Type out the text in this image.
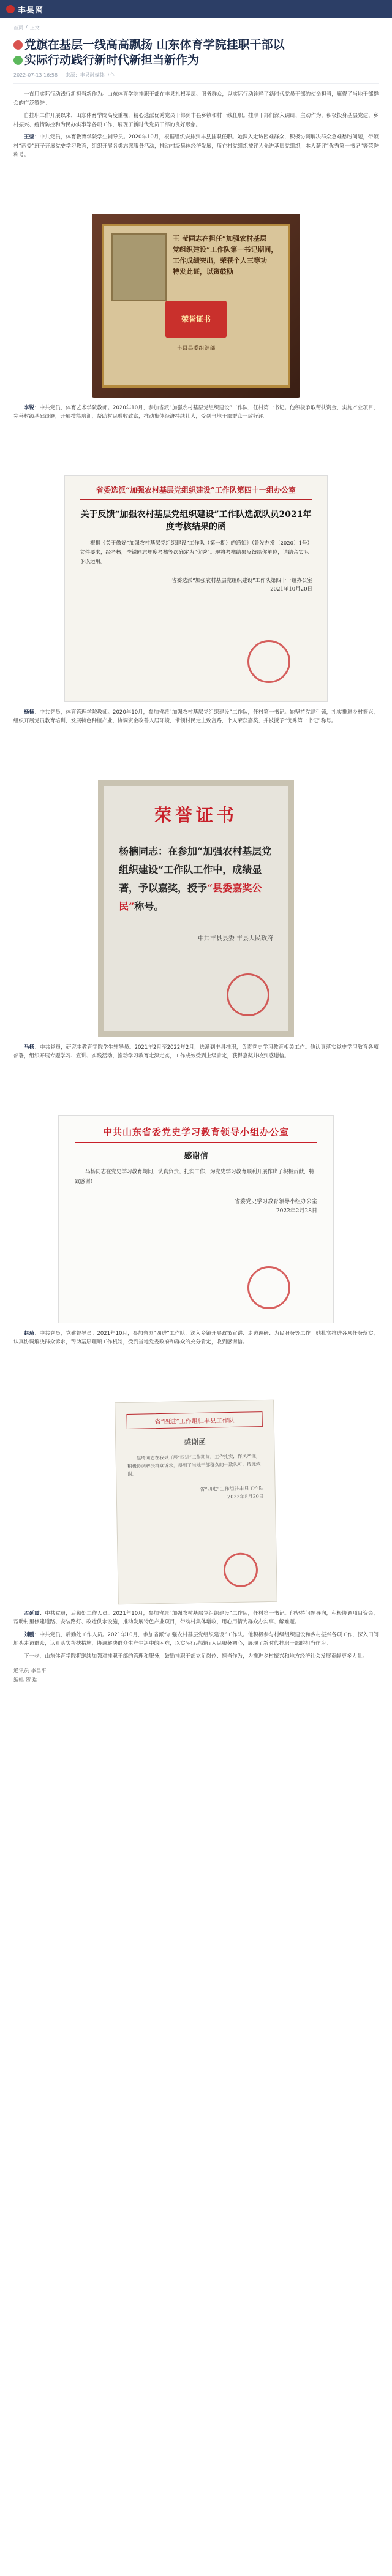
丰县网
首页 / 正文
党旗在基层一线高高飘扬 山东体育学院挂职干部以
实际行动践行新时代新担当新作为
2022-07-13 16:58 来源：丰县融媒体中心

一直用实际行动践行新担当新作为。山东体育学院挂职干部在丰县扎根基层、服务群众，以实际行动诠释了新时代党员干部的使命担当，赢得了当地干部群众的广泛赞誉。

自挂职工作开展以来，山东体育学院高度重视，精心选派优秀党员干部到丰县乡镇和村一线任职。挂职干部们深入调研、主动作为，积极投身基层党建、乡村振兴、疫情防控和为民办实事等各项工作，展现了新时代党员干部的良好形象。

王莹：中共党员，体育教育学院学生辅导员。2020年10月，根据组织安排到丰县挂职任职。她深入走访困难群众，积极协调解决群众急难愁盼问题，带领村“两委”班子开展党史学习教育，组织开展各类志愿服务活动，推动村级集体经济发展，所在村党组织被评为先进基层党组织，本人获评“优秀第一书记”等荣誉称号。

王 莹同志在担任“加强农村基层
党组织建设”工作队第一书记期间，
工作成绩突出，荣获个人三等功
特发此证，以资鼓励
荣誉证书
丰县县委组织部

李锐：中共党员，体育艺术学院教师。2020年10月，参加省派“加强农村基层党组织建设”工作队，任村第一书记。他积极争取帮扶资金，实施产业项目，完善村级基础设施，开展技能培训，帮助村民增收致富，推动集体经济持续壮大，受到当地干部群众一致好评。

省委选派“加强农村基层党组织建设”工作队第四十一组办公室
关于反馈“加强农村基层党组织建设”工作队选派队员2021年度考核结果的函
根据《关于做好“加强农村基层党组织建设”工作队（第一期）的通知》（鲁发办发〔2020〕1号）文件要求，经考核，李锐同志年度考核等次确定为“优秀”。现将考核结果反馈给你单位，请结合实际予以运用。
省委选派“加强农村基层党组织建设”工作队第四十一组办公室
2021年10月20日

杨楠：中共党员，体育管理学院教师。2020年10月，参加省派“加强农村基层党组织建设”工作队，任村第一书记。她坚持党建引领，扎实推进乡村振兴，组织开展党员教育培训，发展特色种植产业，协调资金改善人居环境，带领村民走上致富路，个人荣获嘉奖，并被授予“优秀第一书记”称号。

荣誉证书
杨楠同志：在参加“加强农村基层党组织建设”工作队工作中，成绩显著，予以嘉奖，授予“县委嘉奖公民”称号。
中共丰县县委 丰县人民政府

马杨：中共党员，研究生教育学院学生辅导员。2021年2月至2022年2月，选派到丰县挂职，负责党史学习教育相关工作。他认真落实党史学习教育各项部署，组织开展专题学习、宣讲、实践活动，推动学习教育走深走实，工作成效受到上级肯定，获得嘉奖并收到感谢信。

中共山东省委党史学习教育领导小组办公室
感谢信
马杨同志在党史学习教育期间，认真负责、扎实工作，为党史学习教育顺利开展作出了积极贡献，特致感谢！
省委党史学习教育领导小组办公室
2022年2月28日

赵琦：中共党员，党建督导员。2021年10月，参加省派“四进”工作队，深入乡镇开展政策宣讲、走访调研、为民服务等工作。她扎实推进各项任务落实，认真协调解决群众诉求，帮助基层理顺工作机制，受到当地党委政府和群众的充分肯定，收到感谢信。

省“四进”工作组驻丰县工作队
感谢函
赵琦同志在我县开展“四进”工作期间，工作扎实，作风严谨，积极协调解决群众诉求，得到了当地干部群众的一致认可，特此致谢。
省“四进”工作组驻丰县工作队
2022年5月20日

孟延震：中共党员，后勤处工作人员。2021年10月，参加省派“加强农村基层党组织建设”工作队，任村第一书记。他坚持问题导向，积极协调项目资金，帮助村里修建道路、安装路灯、改造供水设施，推动发展特色产业项目，带动村集体增收，用心用情为群众办实事、解难题。

刘鹏：中共党员，后勤处工作人员。2021年10月，参加省派“加强农村基层党组织建设”工作队。他积极参与村级组织建设和乡村振兴各项工作，深入田间地头走访群众，认真落实帮扶措施，协调解决群众生产生活中的困难，以实际行动践行为民服务初心，展现了新时代挂职干部的担当作为。

下一步，山东体育学院将继续加强对挂职干部的管理和服务，鼓励挂职干部立足岗位、担当作为，为推进乡村振兴和地方经济社会发展贡献更多力量。

通讯员 李昌平
编辑 贺 瑞
